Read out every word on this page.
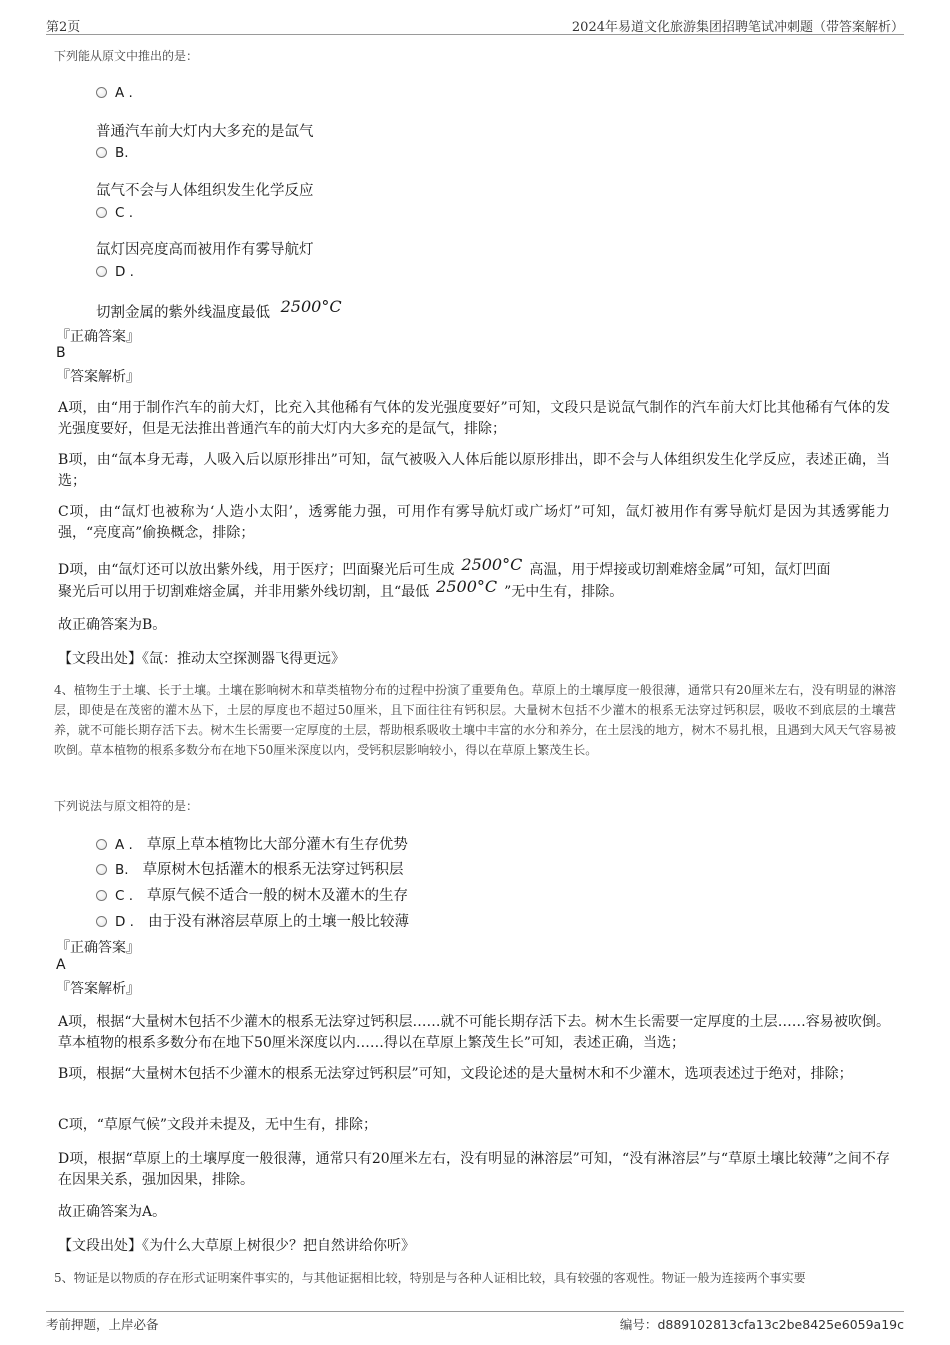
第2页	2024年易道文化旅游集团招聘笔试冲刺题（带答案解析）
下列能从原文中推出的是：
A .
普通汽车前大灯内大多充的是氙气
B.
氙气不会与人体组织发生化学反应
C .
氙灯因亮度高而被用作有雾导航灯
D .
切割金属的紫外线温度最低 2500°C
『正确答案』
B
『答案解析』
A项，由“用于制作汽车的前大灯，比充入其他稀有气体的发光强度要好”可知，文段只是说氙气制作的汽车前大灯比其他稀有气体的发光强度要好，但是无法推出普通汽车的前大灯内大多充的是氙气，排除；
B项，由“氙本身无毒，人吸入后以原形排出”可知，氙气被吸入人体后能以原形排出，即不会与人体组织发生化学反应，表述正确，当选；
C项，由“氙灯也被称为‘人造小太阳’，透雾能力强，可用作有雾导航灯或广场灯”可知，氙灯被用作有雾导航灯是因为其透雾能力强，“亮度高”偷换概念，排除；
D项，由“氙灯还可以放出紫外线，用于医疗；凹面聚光后可生成 2500°C 高温，用于焊接或切割难熔金属”可知，氙灯凹面
聚光后可以用于切割难熔金属，并非用紫外线切割，且“最低 2500°C ”无中生有，排除。
故正确答案为B。
【文段出处】《氙：推动太空探测器飞得更远》
4、植物生于土壤、长于土壤。土壤在影响树木和草类植物分布的过程中扮演了重要角色。草原上的土壤厚度一般很薄，通常只有20厘米左右，没有明显的淋溶层，即使是在茂密的灌木丛下，土层的厚度也不超过50厘米，且下面往往有钙积层。大量树木包括不少灌木的根系无法穿过钙积层，吸收不到底层的土壤营养，就不可能长期存活下去。树木生长需要一定厚度的土层，帮助根系吸收土壤中丰富的水分和养分，在土层浅的地方，树木不易扎根，且遇到大风天气容易被吹倒。草本植物的根系多数分布在地下50厘米深度以内，受钙积层影响较小，得以在草原上繁茂生长。
下列说法与原文相符的是：
A . 草原上草本植物比大部分灌木有生存优势
B. 草原树木包括灌木的根系无法穿过钙积层
C . 草原气候不适合一般的树木及灌木的生存
D . 由于没有淋溶层草原上的土壤一般比较薄
『正确答案』
A
『答案解析』
A项，根据“大量树木包括不少灌木的根系无法穿过钙积层……就不可能长期存活下去。树木生长需要一定厚度的土层……容易被吹倒。草本植物的根系多数分布在地下50厘米深度以内……得以在草原上繁茂生长”可知，表述正确，当选；
B项，根据“大量树木包括不少灌木的根系无法穿过钙积层”可知，文段论述的是大量树木和不少灌木，选项表述过于绝对，排除；
C项，“草原气候”文段并未提及，无中生有，排除；
D项，根据“草原上的土壤厚度一般很薄，通常只有20厘米左右，没有明显的淋溶层”可知，“没有淋溶层”与“草原土壤比较薄”之间不存在因果关系，强加因果，排除。
故正确答案为A。
【文段出处】《为什么大草原上树很少？把自然讲给你听》
5、物证是以物质的存在形式证明案件事实的，与其他证据相比较，特别是与各种人证相比较，具有较强的客观性。物证一般为连接两个事实要
考前押题，上岸必备	编号：d889102813cfa13c2be8425e6059a19c
